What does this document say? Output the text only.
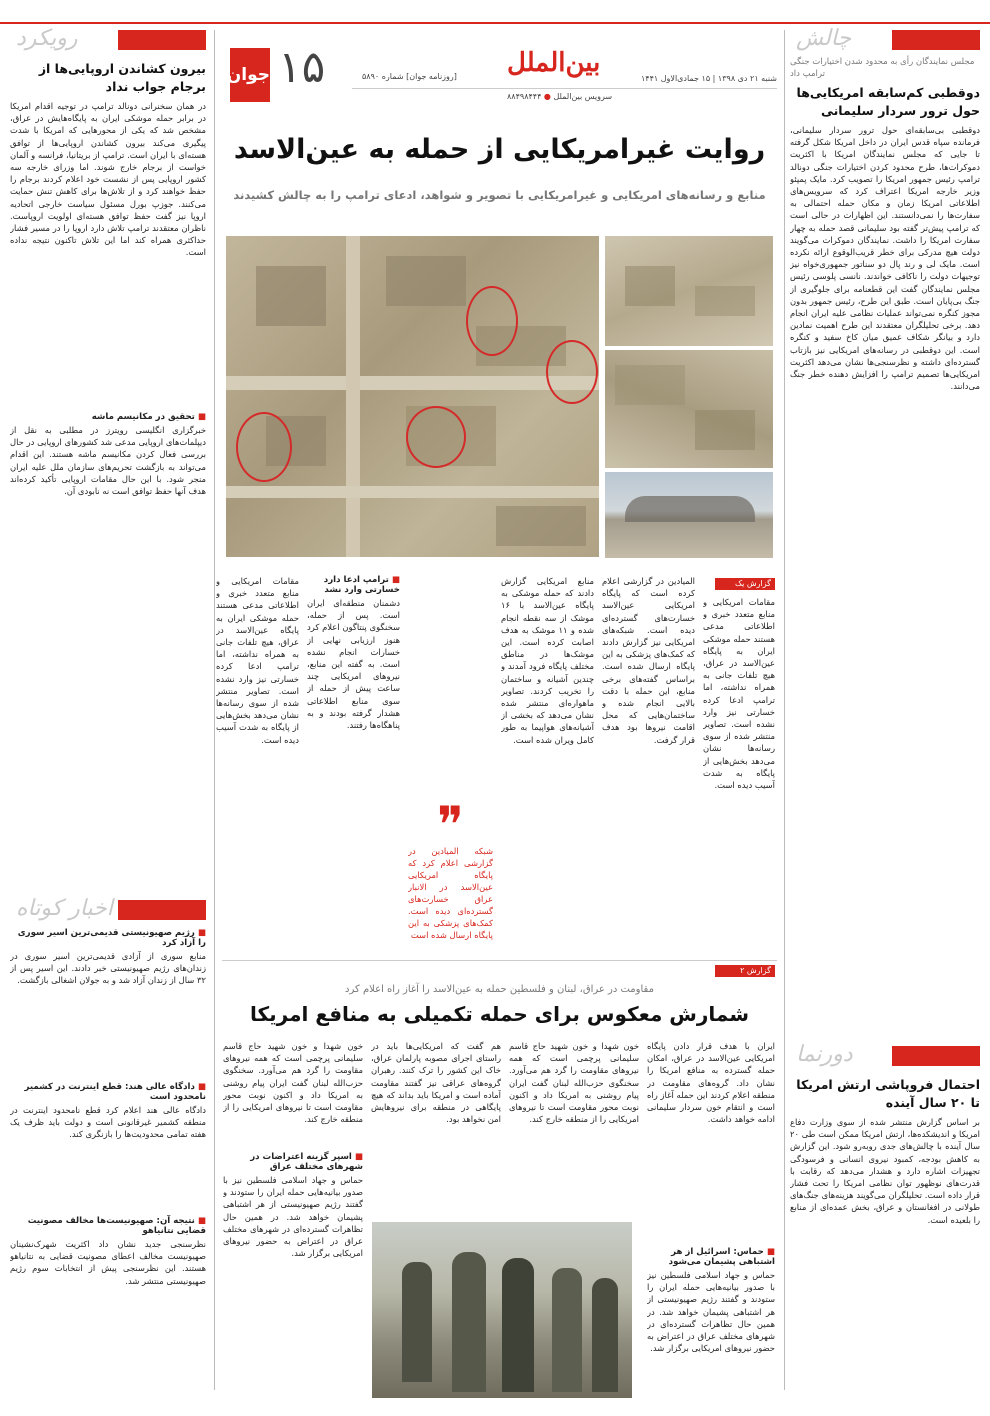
چالش

مجلس نمایندگان رأی به محدود شدن اختیارات جنگی ترامپ داد

دوقطبی کم‌سابقه امریکایی‌ها حول ترور سردار سلیمانی

دوقطبی بی‌سابقه‌ای حول ترور سردار سلیمانی، فرمانده سپاه قدس ایران در داخل امریکا شکل گرفته تا جایی که مجلس نمایندگان امریکا با اکثریت دموکرات‌ها، طرح محدود کردن اختیارات جنگی دونالد ترامپ رئیس جمهور امریکا را تصویب کرد. مایک پمپئو وزیر خارجه امریکا اعتراف کرد که سرویس‌های اطلاعاتی امریکا زمان و مکان حمله احتمالی به سفارت‌ها را نمی‌دانستند. این اظهارات در حالی است که ترامپ پیش‌تر گفته بود سلیمانی قصد حمله به چهار سفارت امریکا را داشت. نمایندگان دموکرات می‌گویند دولت هیچ مدرکی برای خطر قریب‌الوقوع ارائه نکرده است. مایک لی و رند پال دو سناتور جمهوری‌خواه نیز توجیهات دولت را ناکافی خواندند. نانسی پلوسی رئیس مجلس نمایندگان گفت این قطعنامه برای جلوگیری از جنگ بی‌پایان است. طبق این طرح، رئیس جمهور بدون مجوز کنگره نمی‌تواند عملیات نظامی علیه ایران انجام دهد. برخی تحلیلگران معتقدند این طرح اهمیت نمادین دارد و بیانگر شکاف عمیق میان کاخ سفید و کنگره است. این دوقطبی در رسانه‌های امریکایی نیز بازتاب گسترده‌ای داشته و نظرسنجی‌ها نشان می‌دهد اکثریت امریکایی‌ها تصمیم ترامپ را افزایش دهنده خطر جنگ می‌دانند.

دورنما

احتمال فروپاشی ارتش امریکا تا ۲۰ سال آینده

بر اساس گزارش منتشر شده از سوی وزارت دفاع امریکا و اندیشکده‌ها، ارتش امریکا ممکن است طی ۲۰ سال آینده با چالش‌های جدی روبه‌رو شود. این گزارش به کاهش بودجه، کمبود نیروی انسانی و فرسودگی تجهیزات اشاره دارد و هشدار می‌دهد که رقابت با قدرت‌های نوظهور توان نظامی امریکا را تحت فشار قرار داده است. تحلیلگران می‌گویند هزینه‌های جنگ‌های طولانی در افغانستان و عراق، بخش عمده‌ای از منابع را بلعیده است.

رویکرد

بیرون کشاندن اروپایی‌ها از برجام جواب نداد

در همان سخنرانی دونالد ترامپ در توجیه اقدام امریکا در برابر حمله موشکی ایران به پایگاه‌هایش در عراق، مشخص شد که یکی از محورهایی که امریکا با شدت پیگیری می‌کند بیرون کشاندن اروپایی‌ها از توافق هسته‌ای با ایران است. ترامپ از بریتانیا، فرانسه و آلمان خواست از برجام خارج شوند. اما وزرای خارجه سه کشور اروپایی پس از نشست خود اعلام کردند برجام را حفظ خواهند کرد و از تلاش‌ها برای کاهش تنش حمایت می‌کنند. جوزپ بورل مسئول سیاست خارجی اتحادیه اروپا نیز گفت حفظ توافق هسته‌ای اولویت اروپاست. ناظران معتقدند ترامپ تلاش دارد اروپا را در مسیر فشار حداکثری همراه کند اما این تلاش تاکنون نتیجه نداده است.

■ تحقیق در مکانیسم ماشه

خبرگزاری انگلیسی رویترز در مطلبی به نقل از دیپلمات‌های اروپایی مدعی شد کشورهای اروپایی در حال بررسی فعال کردن مکانیسم ماشه هستند. این اقدام می‌تواند به بازگشت تحریم‌های سازمان ملل علیه ایران منجر شود. با این حال مقامات اروپایی تأکید کرده‌اند هدف آنها حفظ توافق است نه نابودی آن.

اخبار کوتاه

■ رژیم صهیونیستی قدیمی‌ترین اسیر سوری را آزاد کرد

منابع سوری از آزادی قدیمی‌ترین اسیر سوری در زندان‌های رژیم صهیونیستی خبر دادند. این اسیر پس از ۳۲ سال از زندان آزاد شد و به جولان اشغالی بازگشت.

■ دادگاه عالی هند: قطع اینترنت در کشمیر نامحدود است

دادگاه عالی هند اعلام کرد قطع نامحدود اینترنت در منطقه کشمیر غیرقانونی است و دولت باید ظرف یک هفته تمامی محدودیت‌ها را بازنگری کند.

■ نتیجه آن: صهیونیست‌ها مخالف مصونیت قضایی نتانیاهو

نظرسنجی جدید نشان داد اکثریت شهرک‌نشینان صهیونیست مخالف اعطای مصونیت قضایی به نتانیاهو هستند. این نظرسنجی پیش از انتخابات سوم رژیم صهیونیستی منتشر شد.

جوان ۱۵	[روزنامه جوان] شماره ۵۸۹۰ بین‌الملل
شنبه ۲۱ دی ۱۳۹۸ | ۱۵ جمادی‌الاول ۱۴۴۱
سرویس بین‌الملل ● ۸۸۴۹۸۴۴۴
روایت غیرامریکایی از حمله به عین‌الاسد
منابع و رسانه‌های امریکایی و غیرامریکایی با تصویر و شواهد، ادعای ترامپ را به چالش کشیدند
گزارش یک

مقامات امریکایی و منابع متعدد خبری و اطلاعاتی مدعی هستند حمله موشکی ایران به پایگاه عین‌الاسد در عراق، هیچ تلفات جانی به همراه نداشته، اما ترامپ ادعا کرده خسارتی نیز وارد نشده است. تصاویر منتشر شده از سوی رسانه‌ها نشان می‌دهد بخش‌هایی از پایگاه به شدت آسیب دیده است.

المیادین در گزارشی اعلام کرده است که پایگاه امریکایی عین‌الاسد خسارت‌های گسترده‌ای دیده است. شبکه‌های امریکایی نیز گزارش دادند که کمک‌های پزشکی به این پایگاه ارسال شده است. براساس گفته‌های برخی منابع، این حمله با دقت بالایی انجام شده و ساختمان‌هایی که محل اقامت نیروها بود هدف قرار گرفت.

منابع امریکایی گزارش دادند که حمله موشکی به پایگاه عین‌الاسد با ۱۶ موشک از سه نقطه انجام شده و ۱۱ موشک به هدف اصابت کرده است. این موشک‌ها در مناطق مختلف پایگاه فرود آمدند و چندین آشیانه و ساختمان را تخریب کردند. تصاویر ماهواره‌ای منتشر شده نشان می‌دهد که بخشی از آشیانه‌های هواپیما به طور کامل ویران شده است.

❞

شبکه المیادین در گزارشی اعلام کرد که پایگاه امریکایی عین‌الاسد در الانبار عراق خسارت‌های گسترده‌ای دیده است. کمک‌های پزشکی به این پایگاه ارسال شده است

■ ترامپ ادعا دارد خسارتی وارد نشد

دشمنان منطقه‌ای ایران است. پس از حمله، سخنگوی پنتاگون اعلام کرد هنوز ارزیابی نهایی از خسارات انجام نشده است. به گفته این منابع، نیروهای امریکایی چند ساعت پیش از حمله از سوی منابع اطلاعاتی هشدار گرفته بودند و به پناهگاه‌ها رفتند.

مقامات امریکایی و منابع متعدد خبری و اطلاعاتی مدعی هستند حمله موشکی ایران به پایگاه عین‌الاسد در عراق، هیچ تلفات جانی به همراه نداشته، اما ترامپ ادعا کرده خسارتی نیز وارد نشده است. تصاویر منتشر شده از سوی رسانه‌ها نشان می‌دهد بخش‌هایی از پایگاه به شدت آسیب دیده است.

گزارش ۲
مقاومت در عراق، لبنان و فلسطین حمله به عین‌الاسد را آغاز راه اعلام کرد
شمارش معکوس برای حمله تکمیلی به منافع امریکا

ایران با هدف قرار دادن پایگاه امریکایی عین‌الاسد در عراق، امکان حمله گسترده به منافع امریکا را نشان داد. گروه‌های مقاومت در منطقه اعلام کردند این حمله آغاز راه است و انتقام خون سردار سلیمانی ادامه خواهد داشت.

■ حماس: اسرائیل از هر اشتباهی پشیمان می‌شود

حماس و جهاد اسلامی فلسطین نیز با صدور بیانیه‌هایی حمله ایران را ستودند و گفتند رژیم صهیونیستی از هر اشتباهی پشیمان خواهد شد. در همین حال تظاهرات گسترده‌ای در شهرهای مختلف عراق در اعتراض به حضور نیروهای امریکایی برگزار شد.

خون شهدا و خون شهید حاج قاسم سلیمانی پرچمی است که همه نیروهای مقاومت را گرد هم می‌آورد. سخنگوی حزب‌الله لبنان گفت ایران پیام روشنی به امریکا داد و اکنون نوبت محور مقاومت است تا نیروهای امریکایی را از منطقه خارج کند.

هم گفت که امریکایی‌ها باید در راستای اجرای مصوبه پارلمان عراق، خاک این کشور را ترک کنند. رهبران گروه‌های عراقی نیز گفتند مقاومت آماده است و امریکا باید بداند که هیچ پایگاهی در منطقه برای نیروهایش امن نخواهد بود.

خون شهدا و خون شهید حاج قاسم سلیمانی پرچمی است که همه نیروهای مقاومت را گرد هم می‌آورد. سخنگوی حزب‌الله لبنان گفت ایران پیام روشنی به امریکا داد و اکنون نوبت محور مقاومت است تا نیروهای امریکایی را از منطقه خارج کند.

■ اسپر گزینه اعتراضات در شهرهای مختلف عراق

حماس و جهاد اسلامی فلسطین نیز با صدور بیانیه‌هایی حمله ایران را ستودند و گفتند رژیم صهیونیستی از هر اشتباهی پشیمان خواهد شد. در همین حال تظاهرات گسترده‌ای در شهرهای مختلف عراق در اعتراض به حضور نیروهای امریکایی برگزار شد.
